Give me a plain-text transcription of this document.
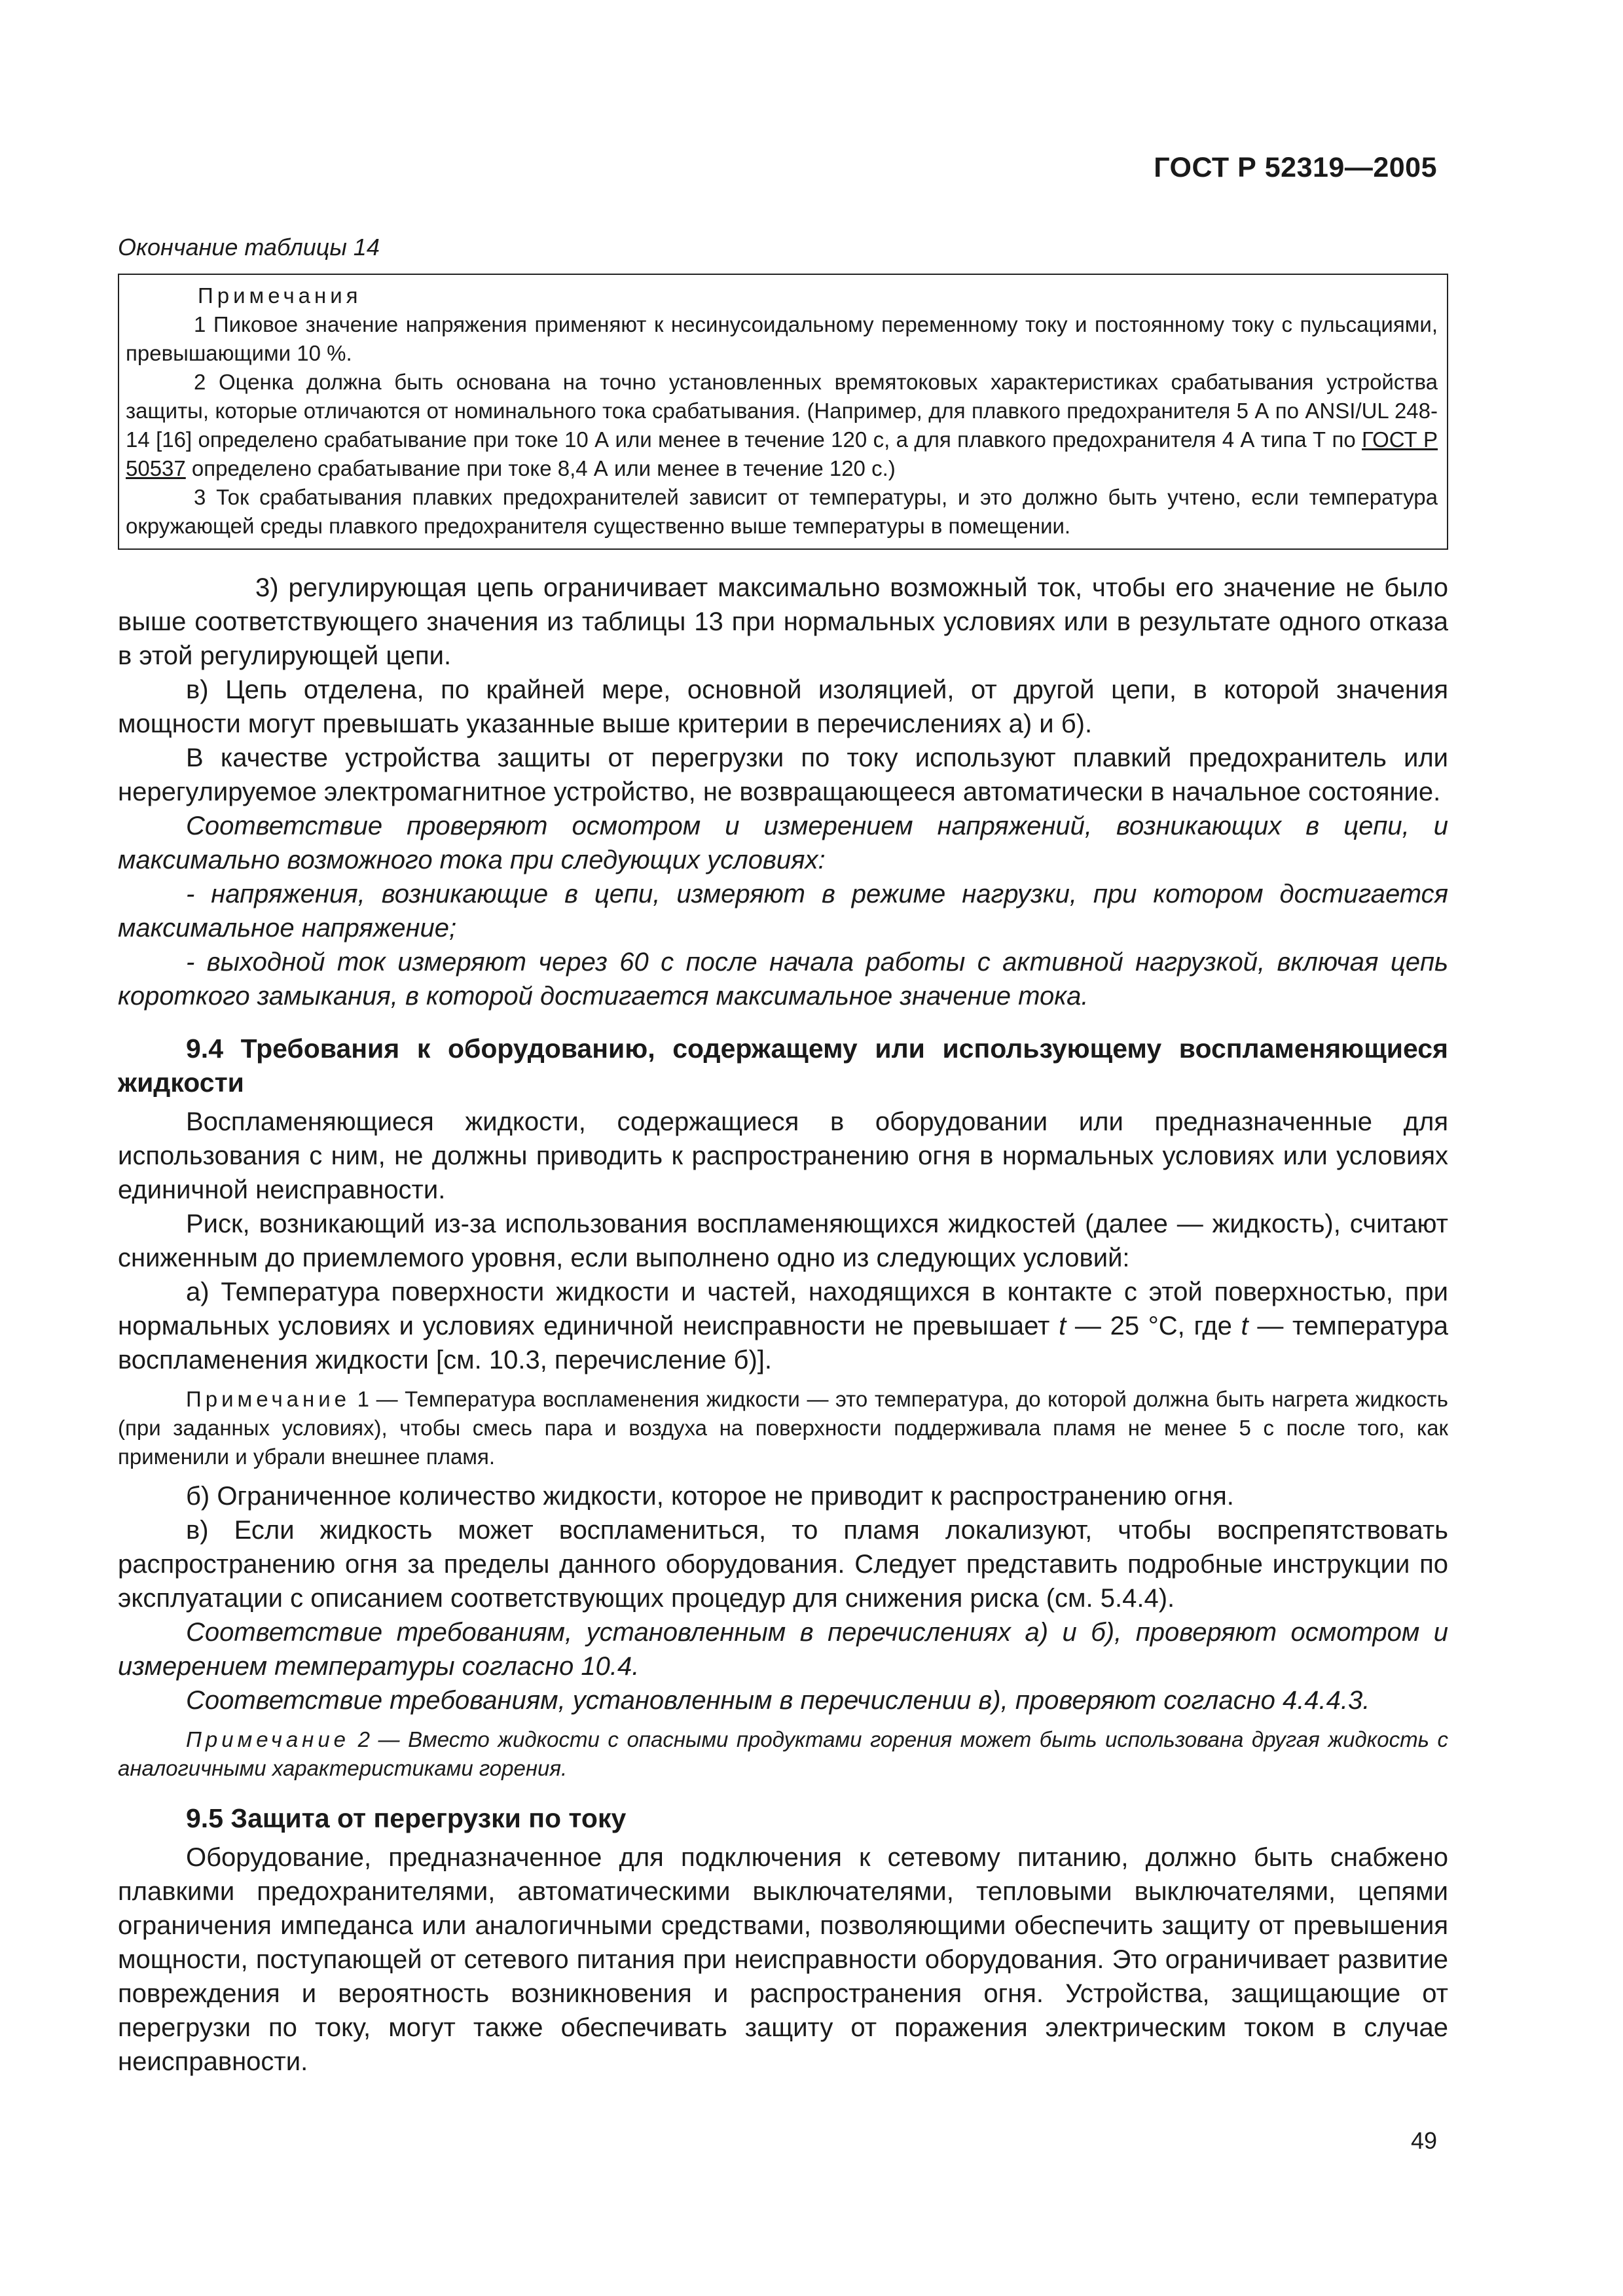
ГОСТ Р 52319—2005
Окончание таблицы 14
Примечания

1 Пиковое значение напряжения применяют к несинусоидальному переменному току и постоянному току с пульсациями, превышающими 10 %.

2 Оценка должна быть основана на точно установленных времятоковых характеристиках срабатывания устройства защиты, которые отличаются от номинального тока срабатывания. (Например, для плавкого предохранителя 5 А по ANSI/UL 248-14 [16] определено срабатывание при токе 10 А или менее в течение 120 с, а для плавкого предохранителя 4 А типа Т по ГОСТ Р 50537 определено срабатывание при токе 8,4 А или менее в течение 120 с.)

3 Ток срабатывания плавких предохранителей зависит от температуры, и это должно быть учтено, если температура окружающей среды плавкого предохранителя существенно выше температуры в помещении.

3) регулирующая цепь ограничивает максимально возможный ток, чтобы его значение не было выше соответствующего значения из таблицы 13 при нормальных условиях или в результате одного отказа в этой регулирующей цепи.

в) Цепь отделена, по крайней мере, основной изоляцией, от другой цепи, в которой значения мощности могут превышать указанные выше критерии в перечислениях а) и б).

В качестве устройства защиты от перегрузки по току используют плавкий предохранитель или нерегулируемое электромагнитное устройство, не возвращающееся автоматически в начальное состояние.

Соответствие проверяют осмотром и измерением напряжений, возникающих в цепи, и максимально возможного тока при следующих условиях:

- напряжения, возникающие в цепи, измеряют в режиме нагрузки, при котором достигается максимальное напряжение;

- выходной ток измеряют через 60 с после начала работы с активной нагрузкой, включая цепь короткого замыкания, в которой достигается максимальное значение тока.

9.4 Требования к оборудованию, содержащему или использующему воспламеняющиеся жидкости

Воспламеняющиеся жидкости, содержащиеся в оборудовании или предназначенные для использования с ним, не должны приводить к распространению огня в нормальных условиях или условиях единичной неисправности.

Риск, возникающий из-за использования воспламеняющихся жидкостей (далее — жидкость), считают сниженным до приемлемого уровня, если выполнено одно из следующих условий:

а) Температура поверхности жидкости и частей, находящихся в контакте с этой поверхностью, при нормальных условиях и условиях единичной неисправности не превышает t — 25 °С, где t — температура воспламенения жидкости [см. 10.3, перечисление б)].

Примечание 1 — Температура воспламенения жидкости — это температура, до которой должна быть нагрета жидкость (при заданных условиях), чтобы смесь пара и воздуха на поверхности поддерживала пламя не менее 5 с после того, как применили и убрали внешнее пламя.

б) Ограниченное количество жидкости, которое не приводит к распространению огня.

в) Если жидкость может воспламениться, то пламя локализуют, чтобы воспрепятствовать распространению огня за пределы данного оборудования. Следует представить подробные инструкции по эксплуатации с описанием соответствующих процедур для снижения риска (см. 5.4.4).

Соответствие требованиям, установленным в перечислениях а) и б), проверяют осмотром и измерением температуры согласно 10.4.

Соответствие требованиям, установленным в перечислении в), проверяют согласно 4.4.4.3.

Примечание 2 — Вместо жидкости с опасными продуктами горения может быть использована другая жидкость с аналогичными характеристиками горения.

9.5 Защита от перегрузки по току

Оборудование, предназначенное для подключения к сетевому питанию, должно быть снабжено плавкими предохранителями, автоматическими выключателями, тепловыми выключателями, цепями ограничения импеданса или аналогичными средствами, позволяющими обеспечить защиту от превышения мощности, поступающей от сетевого питания при неисправности оборудования. Это ограничивает развитие повреждения и вероятность возникновения и распространения огня. Устройства, защищающие от перегрузки по току, могут также обеспечивать защиту от поражения электрическим током в случае неисправности.

49
